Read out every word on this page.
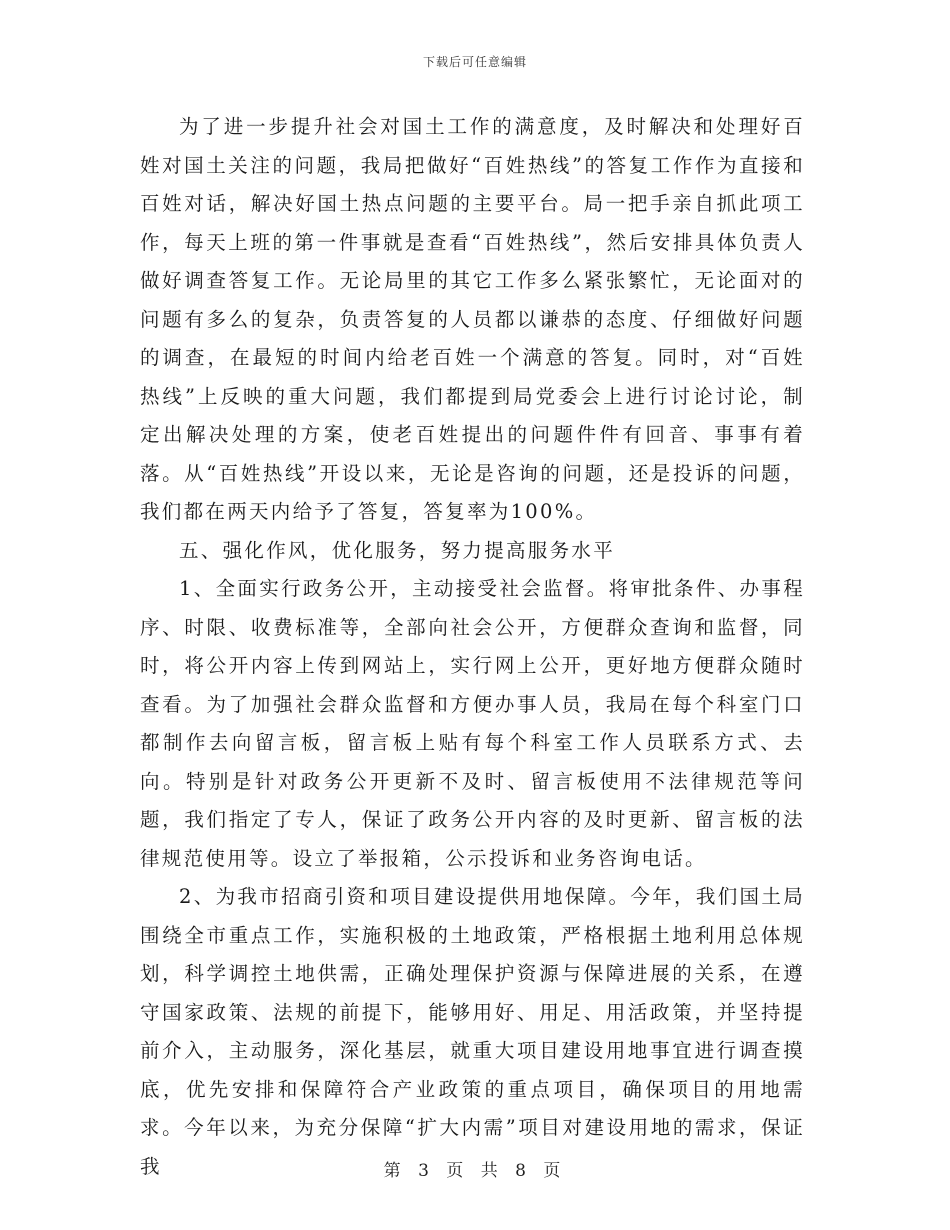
下载后可任意编辑

为了进一步提升社会对国土工作的满意度，及时解决和处理好百姓对国土关注的问题，我局把做好“百姓热线”的答复工作作为直接和百姓对话，解决好国土热点问题的主要平台。局一把手亲自抓此项工作，每天上班的第一件事就是查看“百姓热线”，然后安排具体负责人做好调查答复工作。无论局里的其它工作多么紧张繁忙，无论面对的问题有多么的复杂，负责答复的人员都以谦恭的态度、仔细做好问题的调查，在最短的时间内给老百姓一个满意的答复。同时，对“百姓热线”上反映的重大问题，我们都提到局党委会上进行讨论讨论，制定出解决处理的方案，使老百姓提出的问题件件有回音、事事有着落。从“百姓热线”开设以来，无论是咨询的问题，还是投诉的问题，我们都在两天内给予了答复，答复率为100%。

五、强化作风，优化服务，努力提高服务水平

1、全面实行政务公开，主动接受社会监督。将审批条件、办事程序、时限、收费标准等，全部向社会公开，方便群众查询和监督，同时，将公开内容上传到网站上，实行网上公开，更好地方便群众随时查看。为了加强社会群众监督和方便办事人员，我局在每个科室门口都制作去向留言板，留言板上贴有每个科室工作人员联系方式、去向。特别是针对政务公开更新不及时、留言板使用不法律规范等问题，我们指定了专人，保证了政务公开内容的及时更新、留言板的法律规范使用等。设立了举报箱，公示投诉和业务咨询电话。

2、为我市招商引资和项目建设提供用地保障。今年，我们国土局围绕全市重点工作，实施积极的土地政策，严格根据土地利用总体规划，科学调控土地供需，正确处理保护资源与保障进展的关系，在遵守国家政策、法规的前提下，能够用好、用足、用活政策，并坚持提前介入，主动服务，深化基层，就重大项目建设用地事宜进行调查摸底，优先安排和保障符合产业政策的重点项目，确保项目的用地需求。今年以来，为充分保障“扩大内需”项目对建设用地的需求，保证我	第 3 页 共 8 页
